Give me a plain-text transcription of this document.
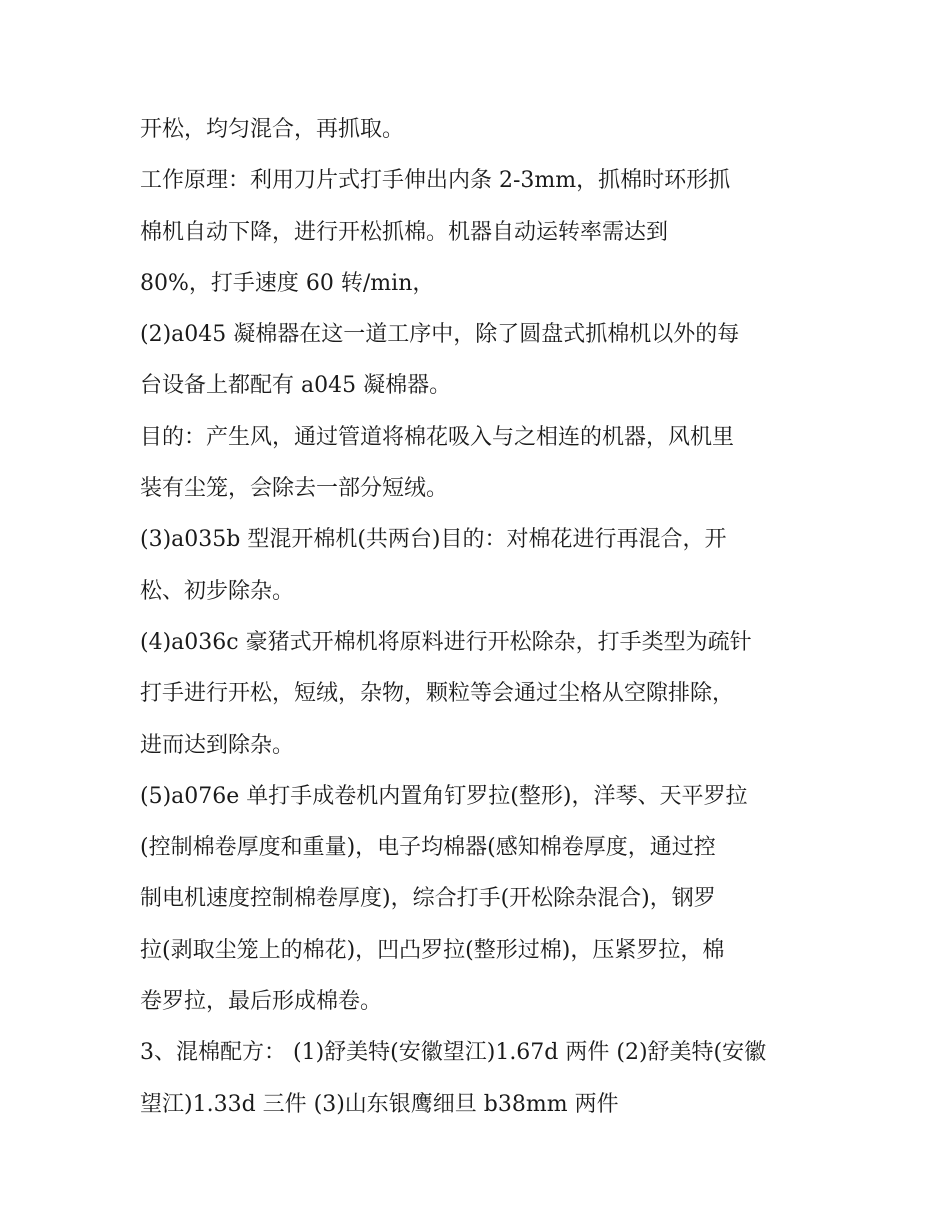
开松，均匀混合，再抓取。
工作原理：利用刀片式打手伸出内条 2-3mm，抓棉时环形抓
棉机自动下降，进行开松抓棉。机器自动运转率需达到
80%，打手速度 60 转/min，
(2)a045 凝棉器在这一道工序中，除了圆盘式抓棉机以外的每
台设备上都配有 a045 凝棉器。
目的：产生风，通过管道将棉花吸入与之相连的机器，风机里
装有尘笼，会除去一部分短绒。
(3)a035b 型混开棉机(共两台)目的：对棉花进行再混合，开
松、初步除杂。
(4)a036c 豪猪式开棉机将原料进行开松除杂，打手类型为疏针
打手进行开松，短绒，杂物，颗粒等会通过尘格从空隙排除，
进而达到除杂。
(5)a076e 单打手成卷机内置角钉罗拉(整形)，洋琴、天平罗拉
(控制棉卷厚度和重量)，电子均棉器(感知棉卷厚度，通过控
制电机速度控制棉卷厚度)，综合打手(开松除杂混合)，钢罗
拉(剥取尘笼上的棉花)，凹凸罗拉(整形过棉)，压紧罗拉，棉
卷罗拉，最后形成棉卷。
3、混棉配方： (1)舒美特(安徽望江)1.67d 两件 (2)舒美特(安徽
望江)1.33d 三件 (3)山东银鹰细旦 b38mm 两件
